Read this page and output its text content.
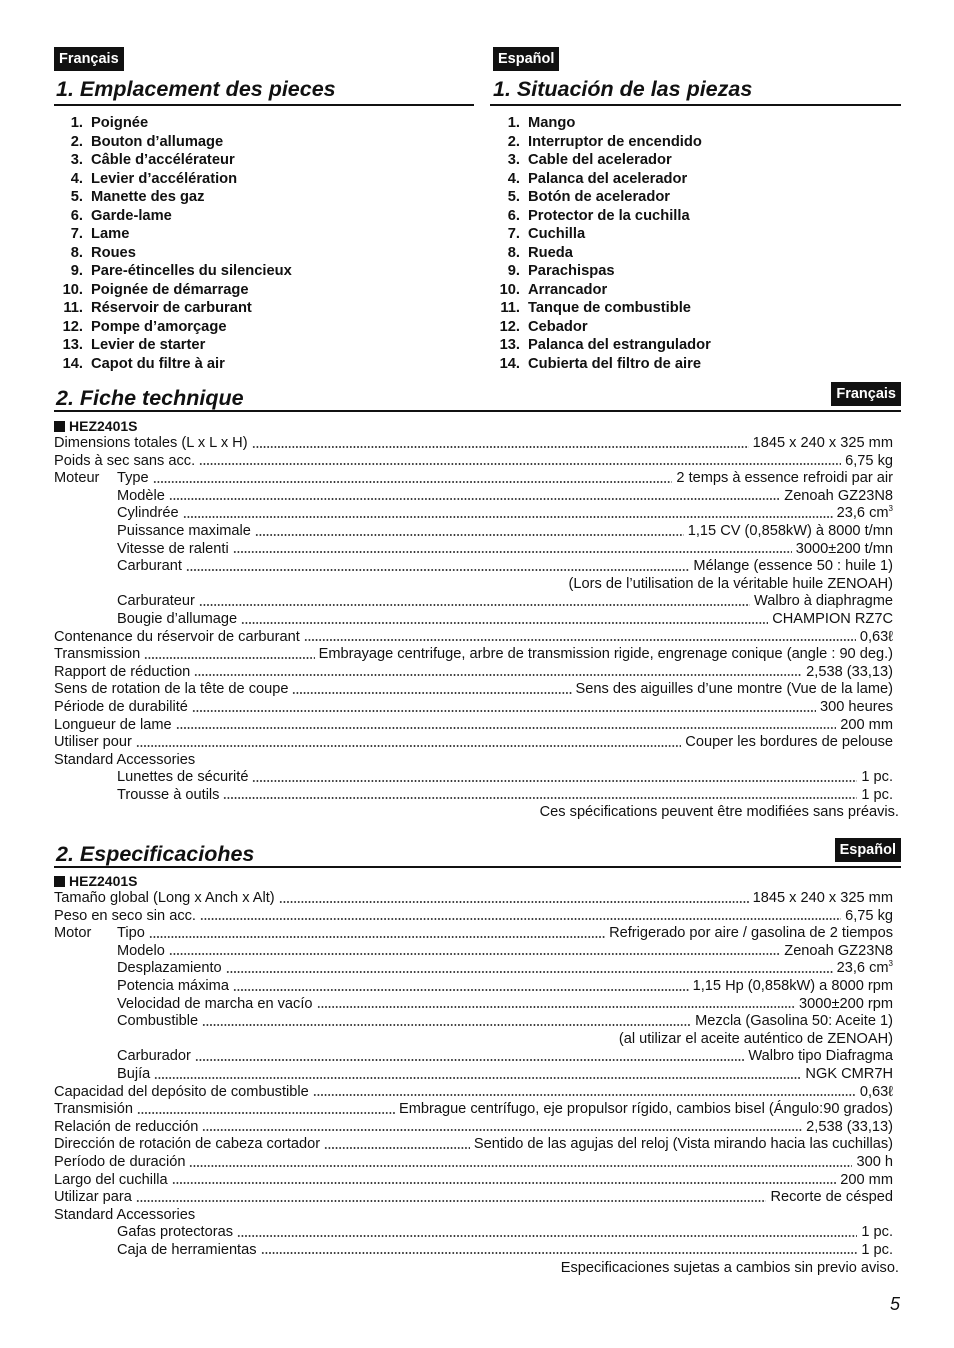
Français	Español
1. Emplacement des pieces	1. Situación de las piezas
1. Poignée
2. Bouton d’allumage
3. Câble d’accélérateur
4. Levier d’accélération
5. Manette des gaz
6. Garde-lame
7. Lame
8. Roues
9. Pare-étincelles du silencieux
10. Poignée de démarrage
11. Réservoir de carburant
12. Pompe d’amorçage
13. Levier de starter
14. Capot du filtre à air
1. Mango
2. Interruptor de encendido
3. Cable del acelerador
4. Palanca del acelerador
5. Botón de acelerador
6. Protector de la cuchilla
7. Cuchilla
8. Rueda
9. Parachispas
10. Arrancador
11. Tanque de combustible
12. Cebador
13. Palanca del estrangulador
14. Cubierta del filtro de aire
2. Fiche technique	Français
HEZ2401S
Dimensions totales (L x L x H)	1845 x 240 x 325 mm
Poids à sec sans acc.	6,75 kg
Moteur	Type	2 temps à essence refroidi par air
Modèle	Zenoah GZ23N8
Cylindrée	23,6 $cm^3$
Puissance maximale	1,15 CV (0,858kW) à 8000 t/mn
Vitesse de ralenti	3000±200 t/mn
Carburant	Mélange (essence 50 : huile 1)
(Lors de l’utilisation de la véritable huile ZENOAH)
Carburateur	Walbro à diaphragme
Bougie d’allumage	CHAMPION RZ7C
Contenance du réservoir de carburant	0,63ℓ
Transmission	Embrayage centrifuge, arbre de transmission rigide, engrenage conique (angle : 90 deg.)
Rapport de réduction	2,538 (33,13)
Sens de rotation de la tête de coupe	Sens des aiguilles d’une montre (Vue de la lame)
Période de durabilité	300 heures
Longueur de lame	200 mm
Utiliser pour	Couper les bordures de pelouse
Standard Accessories
Lunettes de sécurité	1 pc.
Trousse à outils	1 pc.
Ces spécifications peuvent être modifiées sans préavis.
2. Especificaciohes	Español
HEZ2401S
Tamaño global (Long x Anch x Alt)	1845 x 240 x 325 mm
Peso en seco sin acc.	6,75 kg
Motor	Tipo	Refrigerado por aire / gasolina de 2 tiempos
Modelo	Zenoah GZ23N8
Desplazamiento	23,6 $cm^3$
Potencia máxima	1,15 Hp (0,858kW) a 8000 rpm
Velocidad de marcha en vacío	3000±200 rpm
Combustible	Mezcla (Gasolina 50: Aceite 1)
(al utilizar el aceite auténtico de ZENOAH)
Carburador	Walbro tipo Diafragma
Bujía	NGK CMR7H
Capacidad del depósito de combustible	0,63ℓ
Transmisión	Embrague centrífugo, eje propulsor rígido, cambios bisel (Ángulo:90 grados)
Relación de reducción	2,538 (33,13)
Dirección de rotación de cabeza cortador	Sentido de las agujas del reloj (Vista mirando hacia las cuchillas)
Período de duración	300 h
Largo del cuchilla	200 mm
Utilizar para	Recorte de césped
Standard Accessories
Gafas protectoras	1 pc.
Caja de herramientas	1 pc.
Especificaciones sujetas a cambios sin previo aviso.
5
